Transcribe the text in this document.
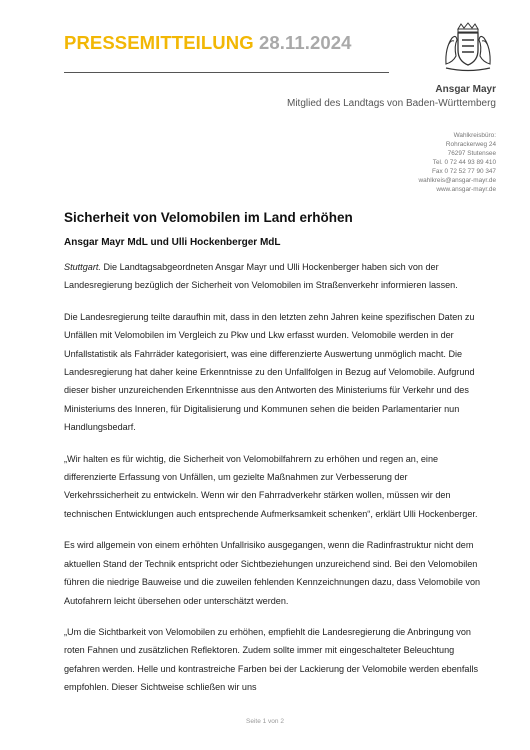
PRESSEMITTEILUNG 28.11.2024
Ansgar Mayr
Mitglied des Landtags von Baden-Württemberg
Wahlkreisbüro:
Rohrackerweg 24
76297 Stutensee
Tel. 0 72 44 93 89 410
Fax 0 72 52 77 90 347
wahlkreis@ansgar-mayr.de
www.ansgar-mayr.de
Sicherheit von Velomobilen im Land erhöhen
Ansgar Mayr MdL und Ulli Hockenberger MdL

Stuttgart. Die Landtagsabgeordneten Ansgar Mayr und Ulli Hockenberger haben sich von der Landesregierung bezüglich der Sicherheit von Velomobilen im Straßenverkehr informieren lassen.

Die Landesregierung teilte daraufhin mit, dass in den letzten zehn Jahren keine spezifischen Daten zu Unfällen mit Velomobilen im Vergleich zu Pkw und Lkw erfasst wurden. Velomobile werden in der Unfallstatistik als Fahrräder kategorisiert, was eine differenzierte Auswertung unmöglich macht. Die Landesregierung hat daher keine Erkenntnisse zu den Unfallfolgen in Bezug auf Velomobile. Aufgrund dieser bisher unzureichenden Erkenntnisse aus den Antworten des Ministeriums für Verkehr und des Ministeriums des Inneren, für Digitalisierung und Kommunen sehen die beiden Parlamentarier nun Handlungsbedarf.

„Wir halten es für wichtig, die Sicherheit von Velomobilfahrern zu erhöhen und regen an, eine differenzierte Erfassung von Unfällen, um gezielte Maßnahmen zur Verbesserung der Verkehrssicherheit zu entwickeln. Wenn wir den Fahrradverkehr stärken wollen, müssen wir den technischen Entwicklungen auch entsprechende Aufmerksamkeit schenken“, erklärt Ulli Hockenberger.

Es wird allgemein von einem erhöhten Unfallrisiko ausgegangen, wenn die Radinfrastruktur nicht dem aktuellen Stand der Technik entspricht oder Sichtbeziehungen unzureichend sind. Bei den Velomobilen führen die niedrige Bauweise und die zuweilen fehlenden Kennzeichnungen dazu, dass Velomobile von Autofahrern leicht übersehen oder unterschätzt werden.

„Um die Sichtbarkeit von Velomobilen zu erhöhen, empfiehlt die Landesregierung die Anbringung von roten Fahnen und zusätzlichen Reflektoren. Zudem sollte immer mit eingeschalteter Beleuchtung gefahren werden. Helle und kontrastreiche Farben bei der Lackierung der Velomobile werden ebenfalls empfohlen. Dieser Sichtweise schließen wir uns

Seite 1 von 2
